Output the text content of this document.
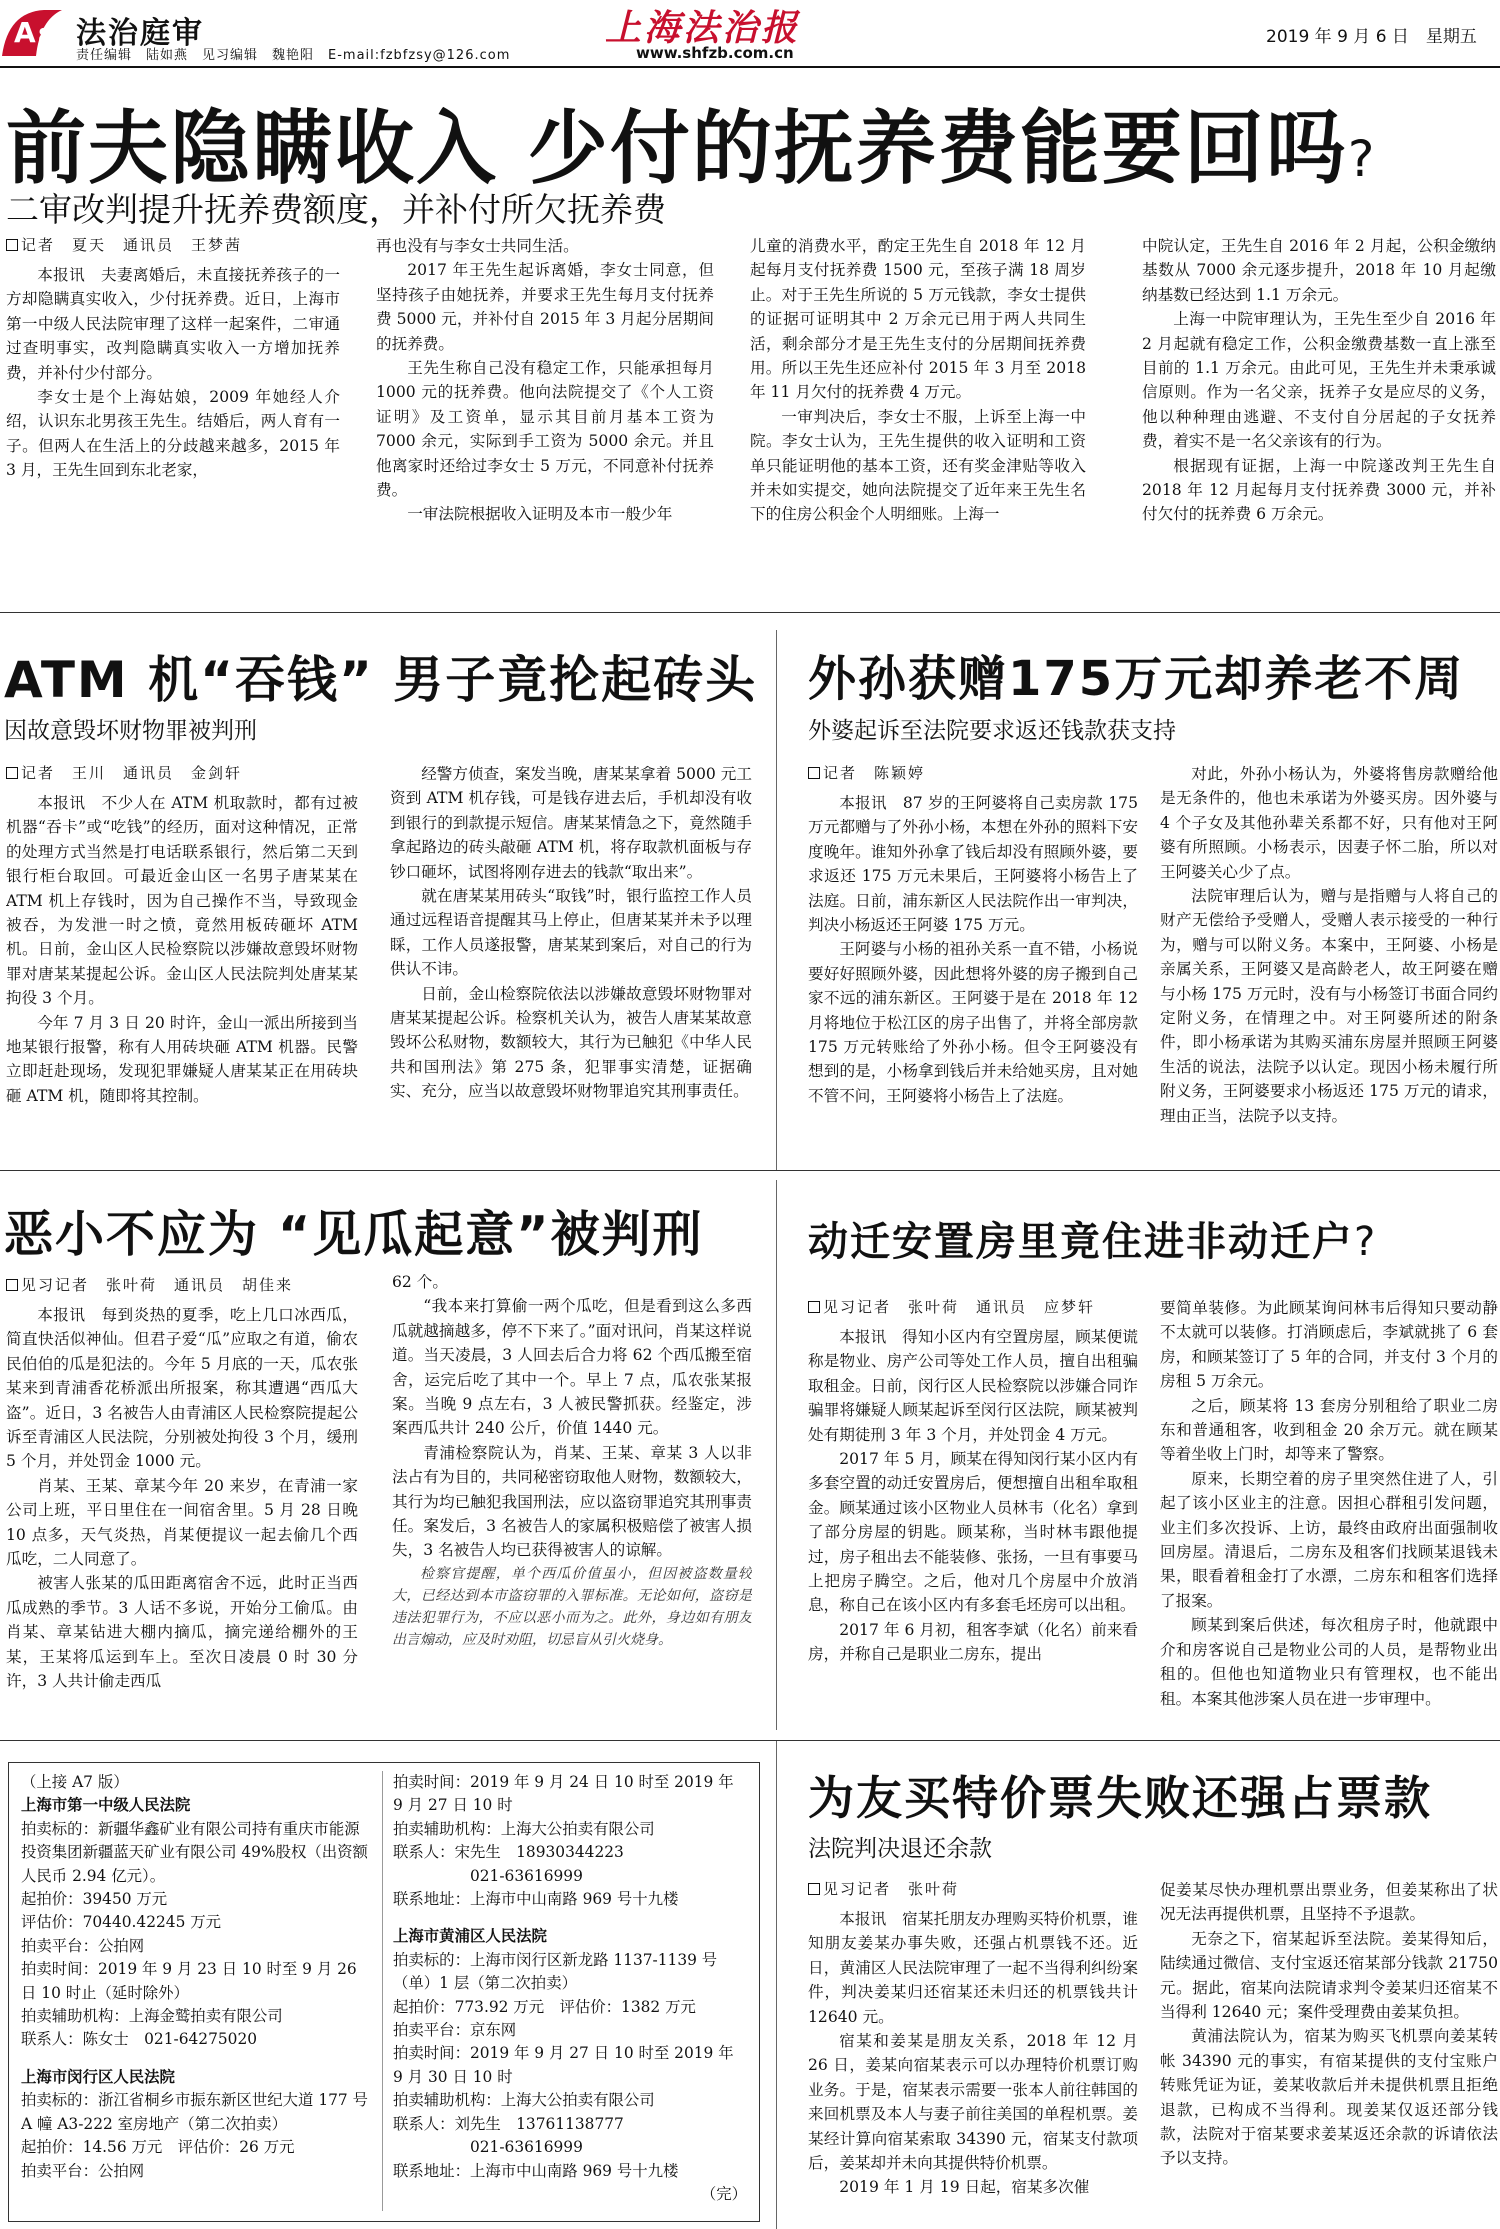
A 8 法治庭审
责任编辑　陆如燕　见习编辑　魏艳阳　E-mail:fzbfzsy@126.com
上海法治报
www.shfzb.com.cn
2019 年 9 月 6 日　星期五
前夫隐瞒收入 少付的抚养费能要回吗?
二审改判提升抚养费额度，并补付所欠抚养费
记者　夏天　通讯员　王梦茜

本报讯　夫妻离婚后，未直接抚养孩子的一方却隐瞒真实收入，少付抚养费。近日，上海市第一中级人民法院审理了这样一起案件，二审通过查明事实，改判隐瞒真实收入一方增加抚养费，并补付少付部分。

李女士是个上海姑娘，2009 年她经人介绍，认识东北男孩王先生。结婚后，两人育有一子。但两人在生活上的分歧越来越多，2015 年 3 月，王先生回到东北老家，

再也没有与李女士共同生活。

2017 年王先生起诉离婚，李女士同意，但坚持孩子由她抚养，并要求王先生每月支付抚养费 5000 元，并补付自 2015 年 3 月起分居期间的抚养费。

王先生称自己没有稳定工作，只能承担每月 1000 元的抚养费。他向法院提交了《个人工资证明》及工资单，显示其目前月基本工资为 7000 余元，实际到手工资为 5000 余元。并且他离家时还给过李女士 5 万元，不同意补付抚养费。

一审法院根据收入证明及本市一般少年

儿童的消费水平，酌定王先生自 2018 年 12 月起每月支付抚养费 1500 元，至孩子满 18 周岁止。对于王先生所说的 5 万元钱款，李女士提供的证据可证明其中 2 万余元已用于两人共同生活，剩余部分才是王先生支付的分居期间抚养费用。所以王先生还应补付 2015 年 3 月至 2018 年 11 月欠付的抚养费 4 万元。

一审判决后，李女士不服，上诉至上海一中院。李女士认为，王先生提供的收入证明和工资单只能证明他的基本工资，还有奖金津贴等收入并未如实提交，她向法院提交了近年来王先生名下的住房公积金个人明细账。上海一

中院认定，王先生自 2016 年 2 月起，公积金缴纳基数从 7000 余元逐步提升，2018 年 10 月起缴纳基数已经达到 1.1 万余元。

上海一中院审理认为，王先生至少自 2016 年 2 月起就有稳定工作，公积金缴费基数一直上涨至目前的 1.1 万余元。由此可见，王先生并未秉承诚信原则。作为一名父亲，抚养子女是应尽的义务，他以种种理由逃避、不支付自分居起的子女抚养费，着实不是一名父亲该有的行为。

根据现有证据，上海一中院遂改判王先生自 2018 年 12 月起每月支付抚养费 3000 元，并补付欠付的抚养费 6 万余元。

ATM 机“吞钱” 男子竟抡起砖头
因故意毁坏财物罪被判刑
记者　王川　通讯员　金剑轩

本报讯　不少人在 ATM 机取款时，都有过被机器“吞卡”或“吃钱”的经历，面对这种情况，正常的处理方式当然是打电话联系银行，然后第二天到银行柜台取回。可最近金山区一名男子唐某某在 ATM 机上存钱时，因为自己操作不当，导致现金被吞，为发泄一时之愤，竟然用板砖砸坏 ATM 机。日前，金山区人民检察院以涉嫌故意毁坏财物罪对唐某某提起公诉。金山区人民法院判处唐某某拘役 3 个月。

今年 7 月 3 日 20 时许，金山一派出所接到当地某银行报警，称有人用砖块砸 ATM 机器。民警立即赶赴现场，发现犯罪嫌疑人唐某某正在用砖块砸 ATM 机，随即将其控制。

经警方侦查，案发当晚，唐某某拿着 5000 元工资到 ATM 机存钱，可是钱存进去后，手机却没有收到银行的到款提示短信。唐某某情急之下，竟然随手拿起路边的砖头敲砸 ATM 机，将存取款机面板与存钞口砸坏，试图将刚存进去的钱款“取出来”。

就在唐某某用砖头“取钱”时，银行监控工作人员通过远程语音提醒其马上停止，但唐某某并未予以理睬，工作人员遂报警，唐某某到案后，对自己的行为供认不讳。

日前，金山检察院依法以涉嫌故意毁坏财物罪对唐某某提起公诉。检察机关认为，被告人唐某某故意毁坏公私财物，数额较大，其行为已触犯《中华人民共和国刑法》第 275 条，犯罪事实清楚，证据确实、充分，应当以故意毁坏财物罪追究其刑事责任。

外孙获赠175万元却养老不周
外婆起诉至法院要求返还钱款获支持
记者　陈颖婷

本报讯　87 岁的王阿婆将自己卖房款 175 万元都赠与了外孙小杨，本想在外孙的照料下安度晚年。谁知外孙拿了钱后却没有照顾外婆，要求返还 175 万元未果后，王阿婆将小杨告上了法庭。日前，浦东新区人民法院作出一审判决，判决小杨返还王阿婆 175 万元。

王阿婆与小杨的祖孙关系一直不错，小杨说要好好照顾外婆，因此想将外婆的房子搬到自己家不远的浦东新区。王阿婆于是在 2018 年 12 月将地位于松江区的房子出售了，并将全部房款 175 万元转账给了外孙小杨。但令王阿婆没有想到的是，小杨拿到钱后并未给她买房，且对她不管不问，王阿婆将小杨告上了法庭。

对此，外孙小杨认为，外婆将售房款赠给他是无条件的，他也未承诺为外婆买房。因外婆与 4 个子女及其他孙辈关系都不好，只有他对王阿婆有所照顾。小杨表示，因妻子怀二胎，所以对王阿婆关心少了点。

法院审理后认为，赠与是指赠与人将自己的财产无偿给予受赠人，受赠人表示接受的一种行为，赠与可以附义务。本案中，王阿婆、小杨是亲属关系，王阿婆又是高龄老人，故王阿婆在赠与小杨 175 万元时，没有与小杨签订书面合同约定附义务，在情理之中。对王阿婆所述的附条件，即小杨承诺为其购买浦东房屋并照顾王阿婆生活的说法，法院予以认定。现因小杨未履行所附义务，王阿婆要求小杨返还 175 万元的请求，理由正当，法院予以支持。

恶小不应为 “见瓜起意”被判刑
见习记者　张叶荷　通讯员　胡佳来

本报讯　每到炎热的夏季，吃上几口冰西瓜，简直快活似神仙。但君子爱“瓜”应取之有道，偷农民伯伯的瓜是犯法的。今年 5 月底的一天，瓜农张某来到青浦香花桥派出所报案，称其遭遇“西瓜大盗”。近日，3 名被告人由青浦区人民检察院提起公诉至青浦区人民法院，分别被处拘役 3 个月，缓刑 5 个月，并处罚金 1000 元。

肖某、王某、章某今年 20 来岁，在青浦一家公司上班，平日里住在一间宿舍里。5 月 28 日晚 10 点多，天气炎热，肖某便提议一起去偷几个西瓜吃，二人同意了。

被害人张某的瓜田距离宿舍不远，此时正当西瓜成熟的季节。3 人话不多说，开始分工偷瓜。由肖某、章某钻进大棚内摘瓜，摘完递给棚外的王某，王某将瓜运到车上。至次日凌晨 0 时 30 分许，3 人共计偷走西瓜

62 个。

“我本来打算偷一两个瓜吃，但是看到这么多西瓜就越摘越多，停不下来了。”面对讯问，肖某这样说道。当天凌晨，3 人回去后合力将 62 个西瓜搬至宿舍，运完后吃了其中一个。早上 7 点，瓜农张某报案。当晚 9 点左右，3 人被民警抓获。经鉴定，涉案西瓜共计 240 公斤，价值 1440 元。

青浦检察院认为，肖某、王某、章某 3 人以非法占有为目的，共同秘密窃取他人财物，数额较大，其行为均已触犯我国刑法，应以盗窃罪追究其刑事责任。案发后，3 名被告人的家属积极赔偿了被害人损失，3 名被告人均已获得被害人的谅解。

检察官提醒，单个西瓜价值虽小，但因被盗数量较大，已经达到本市盗窃罪的入罪标准。无论如何，盗窃是违法犯罪行为，不应以恶小而为之。此外，身边如有朋友出言煽动，应及时劝阻，切忌盲从引火烧身。

动迁安置房里竟住进非动迁户?
见习记者　张叶荷　通讯员　应梦轩

本报讯　得知小区内有空置房屋，顾某便谎称是物业、房产公司等处工作人员，擅自出租骗取租金。日前，闵行区人民检察院以涉嫌合同诈骗罪将嫌疑人顾某起诉至闵行区法院，顾某被判处有期徒刑 3 年 3 个月，并处罚金 4 万元。

2017 年 5 月，顾某在得知闵行某小区内有多套空置的动迁安置房后，便想擅自出租牟取租金。顾某通过该小区物业人员林韦（化名）拿到了部分房屋的钥匙。顾某称，当时林韦跟他提过，房子租出去不能装修、张扬，一旦有事要马上把房子腾空。之后，他对几个房屋中介放消息，称自己在该小区内有多套毛坯房可以出租。

2017 年 6 月初，租客李斌（化名）前来看房，并称自己是职业二房东，提出

要简单装修。为此顾某询问林韦后得知只要动静不太就可以装修。打消顾虑后，李斌就挑了 6 套房，和顾某签订了 5 年的合同，并支付 3 个月的房租 5 万余元。

之后，顾某将 13 套房分别租给了职业二房东和普通租客，收到租金 20 余万元。就在顾某等着坐收上门时，却等来了警察。

原来，长期空着的房子里突然住进了人，引起了该小区业主的注意。因担心群租引发问题，业主们多次投诉、上访，最终由政府出面强制收回房屋。清退后，二房东及租客们找顾某退钱未果，眼看着租金打了水漂，二房东和租客们选择了报案。

顾某到案后供述，每次租房子时，他就跟中介和房客说自己是物业公司的人员，是帮物业出租的。但他也知道物业只有管理权，也不能出租。本案其他涉案人员在进一步审理中。

（上接 A7 版）

上海市第一中级人民法院

拍卖标的：新疆华鑫矿业有限公司持有重庆市能源投资集团新疆蓝天矿业有限公司 49%股权（出资额人民币 2.94 亿元）。

起拍价：39450 万元

评估价：70440.42245 万元

拍卖平台：公拍网

拍卖时间：2019 年 9 月 23 日 10 时至 9 月 26 日 10 时止（延时除外）

拍卖辅助机构：上海金鹫拍卖有限公司

联系人：陈女士　021-64275020

上海市闵行区人民法院

拍卖标的：浙江省桐乡市振东新区世纪大道 177 号 A 幢 A3-222 室房地产（第二次拍卖）

起拍价：14.56 万元　评估价：26 万元

拍卖平台：公拍网

拍卖时间：2019 年 9 月 24 日 10 时至 2019 年 9 月 27 日 10 时

拍卖辅助机构：上海大公拍卖有限公司

联系人：宋先生　18930344223

　　　　　021-63616999

联系地址：上海市中山南路 969 号十九楼

上海市黄浦区人民法院

拍卖标的：上海市闵行区新龙路 1137-1139 号（单）1 层（第二次拍卖）

起拍价：773.92 万元　评估价：1382 万元

拍卖平台：京东网

拍卖时间：2019 年 9 月 27 日 10 时至 2019 年 9 月 30 日 10 时

拍卖辅助机构：上海大公拍卖有限公司

联系人：刘先生　13761138777

　　　　　021-63616999

联系地址：上海市中山南路 969 号十九楼

（完）

为友买特价票失败还强占票款
法院判决退还余款
见习记者　张叶荷

本报讯　宿某托朋友办理购买特价机票，谁知朋友姜某办事失败，还强占机票钱不还。近日，黄浦区人民法院审理了一起不当得利纠纷案件，判决姜某归还宿某还未归还的机票钱共计 12640 元。

宿某和姜某是朋友关系，2018 年 12 月 26 日，姜某向宿某表示可以办理特价机票订购业务。于是，宿某表示需要一张本人前往韩国的来回机票及本人与妻子前往美国的单程机票。姜某经计算向宿某索取 34390 元，宿某支付款项后，姜某却并未向其提供特价机票。

2019 年 1 月 19 日起，宿某多次催

促姜某尽快办理机票出票业务，但姜某称出了状况无法再提供机票，且坚持不予退款。

无奈之下，宿某起诉至法院。姜某得知后，陆续通过微信、支付宝返还宿某部分钱款 21750 元。据此，宿某向法院请求判令姜某归还宿某不当得利 12640 元；案件受理费由姜某负担。

黄浦法院认为，宿某为购买飞机票向姜某转帐 34390 元的事实，有宿某提供的支付宝账户转账凭证为证，姜某收款后并未提供机票且拒绝退款，已构成不当得利。现姜某仅返还部分钱款，法院对于宿某要求姜某返还余款的诉请依法予以支持。
